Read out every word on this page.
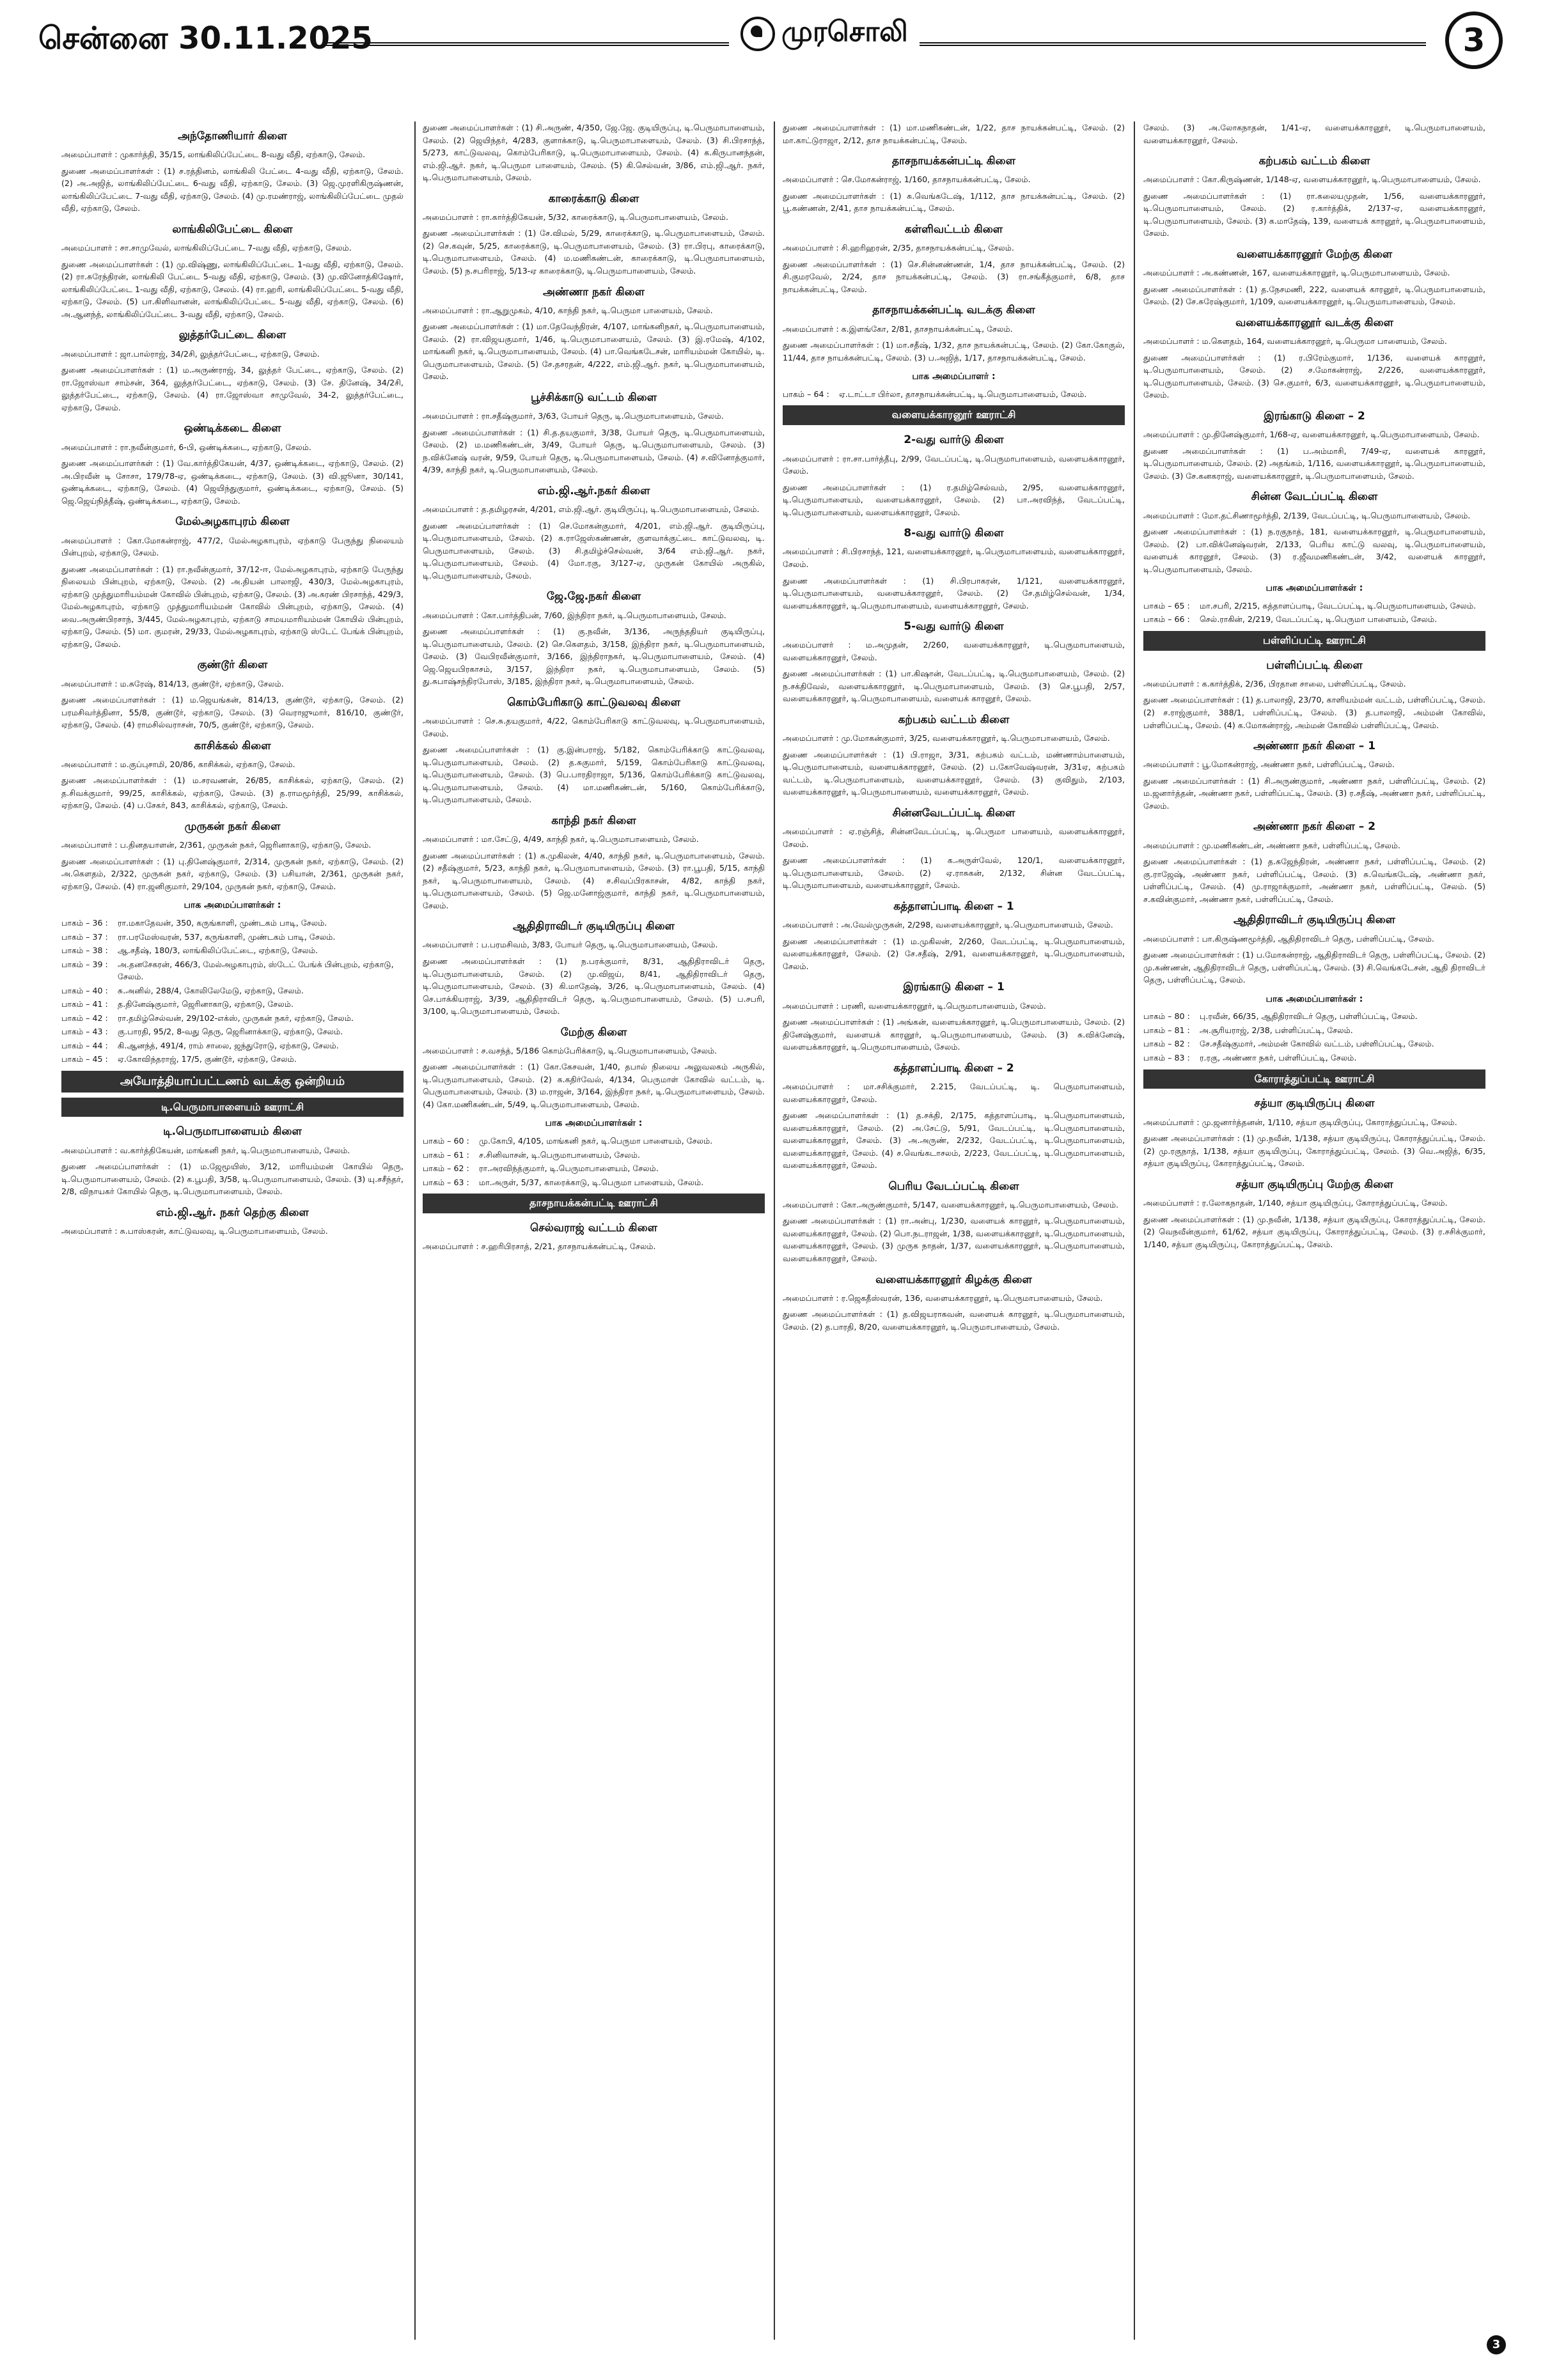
சென்னை 30.11.2025	முரசொலி	3
அந்தோணியார் கிளை

அமைப்பாளர் : முகார்த்தி, 35/15, லாங்கிலிப்பேட்டை 8-வது வீதி, ஏற்காடு, சேலம்.

துணை அமைப்பாளர்கள் : (1) ச.ரத்தினம், லாங்கிலி பேட்டை 4-வது வீதி, ஏற்காடு, சேலம். (2) அ.அஜித், லாங்கிலிப்பேட்டை 6-வது வீதி, ஏற்காடு, சேலம். (3) ஜெ.முரளிகிருஷ்ணன், லாங்கிலிப்பேட்டை 7-வது வீதி, ஏற்காடு, சேலம். (4) மு.ரமண்ராஜ், லாங்கிலிப்பேட்டை முதல் வீதி, ஏற்காடு, சேலம்.

லாங்கிலிபேட்டை கிளை

அமைப்பாளர் : சா.சாமுவேல், லாங்கிலிப்பேட்டை 7-வது வீதி, ஏற்காடு, சேலம்.

துணை அமைப்பாளர்கள் : (1) மு.விஷ்ணு, லாங்கிலிப்பேட்டை 1-வது வீதி, ஏற்காடு, சேலம். (2) ரா.சுரேந்திரன், லாங்கிலி பேட்டை 5-வது வீதி, ஏற்காடு, சேலம். (3) மு.வினோத்கிஷோர், லாங்கிலிப்பேட்டை 1-வது வீதி, ஏற்காடு, சேலம். (4) ரா.ஹரி, லாங்கிலிப்பேட்டை 5-வது வீதி, ஏற்காடு, சேலம். (5) பா.கிளிவானன், லாங்கிலிப்பேட்டை 5-வது வீதி, ஏற்காடு, சேலம். (6) அ.ஆனந்த், லாங்கிலிப்பேட்டை 3-வது வீதி, ஏற்காடு, சேலம்.

லுத்தர்பேட்டை கிளை

அமைப்பாளர் : ஜா.பால்ராஜ், 34/2சி, லுத்தர்பேட்டை, ஏற்காடு, சேலம்.

துணை அமைப்பாளர்கள் : (1) ம.அருண்ராஜ், 34, லுத்தர் பேட்டை, ஏற்காடு, சேலம். (2) ரா.ஜோஸ்வா சாம்சன், 364, லுத்தர்பேட்டை, ஏற்காடு, சேலம். (3) சே. தினேஷ், 34/2சி, லுத்தர்பேட்டை, ஏற்காடு, சேலம். (4) ரா.ஜோஸ்வா சாமுவேல், 34-2, லுத்தர்பேட்டை, ஏற்காடு, சேலம்.

ஒண்டிக்கடை கிளை

அமைப்பாளர் : ரா.நவீன்குமார், 6-பி, ஒண்டிக்கடை, ஏற்காடு, சேலம்.

துணை அமைப்பாளர்கள் : (1) வே.கார்த்திகேயன், 4/37, ஒண்டிக்கடை, ஏற்காடு, சேலம். (2) அ.பிரவீன் டி சோசா, 179/78-ஏ, ஒண்டிக்கடை, ஏற்காடு, சேலம். (3) வி.ஜூனா, 30/141, ஒண்டிக்கடை, ஏற்காடு, சேலம். (4) ஜெயிந்துகுமார், ஒண்டிக்கடை, ஏற்காடு, சேலம். (5) ஜெ.ஜெய்நித்தீஷ், ஒண்டிக்கடை, ஏற்காடு, சேலம்.

மேல்அழகாபுரம் கிளை

அமைப்பாளர் : கோ.மோகன்ராஜ், 477/2, மேல்அழகாபுரம், ஏற்காடு பேருந்து நிலையம் பின்புறம், ஏற்காடு, சேலம்.

துணை அமைப்பாளர்கள் : (1) ரா.நவீன்குமார், 37/12-ஈ, மேல்அழகாபுரம், ஏற்காடு பேருந்து நிலையம் பின்புறம், ஏற்காடு, சேலம். (2) அ.தியன் பாலாஜி, 430/3, மேல்அழகாபுரம், ஏற்காடு முத்துமாரியம்மன் கோவில் பின்புறம், ஏற்காடு, சேலம். (3) அ.சுரண் பிரசாந்த், 429/3, மேல்அழகாபுரம், ஏற்காடு முத்துமாரியம்மன் கோவில் பின்புறம், ஏற்காடு, சேலம். (4) வை.அருண்பிரசாந், 3/445, மேல்அழகாபுரம், ஏற்காடு சாமயமாரியம்மன் கோயில் பின்புறம், ஏற்காடு, சேலம். (5) மா. குமரன், 29/33, மேல்அழகாபுரம், ஏற்காடு ஸ்டேட் பேங்க் பின்புறம், ஏற்காடு, சேலம்.

குண்டூர் கிளை

அமைப்பாளர் : ம.சுரேஷ், 814/13, குண்டூர், ஏற்காடு, சேலம்.

துணை அமைப்பாளர்கள் : (1) ம.ஜெயங்கன், 814/13, குண்டூர், ஏற்காடு, சேலம். (2) பரமசிவர்த்தினா, 55/8, குண்டூர், ஏற்காடு, சேலம். (3) வெராஜுமார், 816/10, குண்டூர், ஏற்காடு, சேலம். (4) ராமசில்வராசன், 70/5, குண்டூர், ஏற்காடு, சேலம்.

காசிக்கல் கிளை

அமைப்பாளர் : ம.குப்புசாமி, 20/86, காசிக்கல், ஏற்காடு, சேலம்.

துணை அமைப்பாளர்கள் : (1) ம.சரவணன், 26/85, காசிக்கல், ஏற்காடு, சேலம். (2) த.சிவக்குமார், 99/25, காசிக்கல், ஏற்காடு, சேலம். (3) த.ராமமூர்த்தி, 25/99, காசிக்கல், ஏற்காடு, சேலம். (4) ப.சேகர், 843, காசிக்கல், ஏற்காடு, சேலம்.

முருகன் நகர் கிளை

அமைப்பாளர் : ப.தினதயாளன், 2/361, முருகன் நகர், ஜெரினாகாடு, ஏற்காடு, சேலம்.

துணை அமைப்பாளர்கள் : (1) பு.தினேஷ்குமார், 2/314, முருகன் நகர், ஏற்காடு, சேலம். (2) அ.கௌதம், 2/322, முருகன் நகர், ஏற்காடு, சேலம். (3) பசியான், 2/361, முருகன் நகர், ஏற்காடு, சேலம். (4) ரா.ஜனிகுமார், 29/104, முருகன் நகர், ஏற்காடு, சேலம்.

பாக அமைப்பாளர்கள் :
பாகம் – 36 :	ரா.மகாதேவன், 350, கருங்காளி, முண்டகம் பாடி, சேலம்.
பாகம் – 37 :	ரா.பரமேஸ்வரன், 537, கருங்காளி, முண்டகம் பாடி, சேலம்.
பாகம் – 38 :	ஆ.சதீஷ், 180/3, லாங்கிலிப்பேட்டை, ஏற்காடு, சேலம்.
பாகம் – 39 :	அ.தனசேகரன், 466/3, மேல்அழகாபுரம், ஸ்டேட் பேங்க் பின்புறம், ஏற்காடு, சேலம்.
பாகம் – 40 :	சு.அனில், 288/4, கோலிலேமேடு, ஏற்காடு, சேலம்.
பாகம் – 41 :	த.தினேஷ்குமார், ஜெரினாகாடு, ஏற்காடு, சேலம்.
பாகம் – 42 :	ரா.தமிழ்செல்வன், 29/102-எக்ஸ், முருகன் நகர், ஏற்காடு, சேலம்.
பாகம் – 43 :	கு.பாரதி, 95/2, 8-வது தெரு, ஜெரினாக்காடு, ஏற்காடு, சேலம்.
பாகம் – 44 :	கி.ஆனந்த், 491/4, ராம் சாலை, ஜந்துரோடு, ஏற்காடு, சேலம்.
பாகம் – 45 :	ஏ.கோவிந்தராஜ், 17/5, குண்டூர், ஏற்காடு, சேலம்.
அயோத்தியாப்பட்டணம் வடக்கு ஒன்றியம்
டி.பெருமாபாளையம் ஊராட்சி
டி.பெருமாபாளையம் கிளை

அமைப்பாளர் : வ.கார்த்திகேயன், மாங்கனி நகர், டி.பெருமாபாளையம், சேலம்.

துணை அமைப்பாளர்கள் : (1) ம.ஜேமூயிஸ், 3/12, மாரியம்மன் கோயில் தெரு, டி.பெருமாபாளையம், சேலம். (2) க.பூபதி, 3/58, டி.பெருமாபாளையம், சேலம். (3) யு.சசீந்தர், 2/8, விநாயகர் கோயில் தெரு, டி.பெருமாபாளையம், சேலம்.

எம்.ஜி.ஆர். நகர் தெற்கு கிளை

அமைப்பாளர் : சு.பாஸ்கரன், காட்டுவலவு, டி.பெருமாபாளையம், சேலம்.

துணை அமைப்பாளர்கள் : (1) சி.அருண், 4/350, ஜே.ஜே. குடியிருப்பு, டி.பெருமாபாளையம், சேலம். (2) ஜெயிந்தர், 4/283, குளாக்காடு, டி.பெருமாபாளையம், சேலம். (3) சி.பிரசாந்த், 5/273, காட்டுவலவு, கொம்பேரிகாடு, டி.பெருமாபாளையம், சேலம். (4) க.கிருபானந்தன், எம்.ஜி.ஆர். நகர், டி.பெருமா பாளையம், சேலம். (5) கி.செல்வன், 3/86, எம்.ஜி.ஆர். நகர், டி.பெருமாபாளையம், சேலம்.

காரைக்காடு கிளை

அமைப்பாளர் : ரா.கார்த்திகேயன், 5/32, காரைக்காடு, டி.பெருமாபாளையம், சேலம்.

துணை அமைப்பாளர்கள் : (1) சே.விமல், 5/29, காரைக்காடு, டி.பெருமாபாளையம், சேலம். (2) செ.கவுன், 5/25, காரைக்காடு, டி.பெருமாபாளையம், சேலம். (3) ரா.பிரபு, காரைக்காடு, டி.பெருமாபாளையம், சேலம். (4) ம.மணிகண்டன், காரைக்காடு, டி.பெருமாபாளையம், சேலம். (5) ந.சபரிராஜ், 5/13-ஏ காரைக்காடு, டி.பெருமாபாளையம், சேலம்.

அண்ணா நகர் கிளை

அமைப்பாளர் : ரா.ஆறுமுகம், 4/10, காந்தி நகர், டி.பெருமா பாளையம், சேலம்.

துணை அமைப்பாளர்கள் : (1) மா.தேவேந்திரன், 4/107, மாங்கனிநகர், டி.பெருமாபாளையம், சேலம். (2) ரா.விஜயகுமார், 1/46, டி.பெருமாபாளையம், சேலம். (3) இ.ரமேஷ், 4/102, மாங்கனி நகர், டி.பெருமாபாளையம், சேலம். (4) பா.வெங்கடேசன், மாரியம்மன் கோயில், டி. பெருமாபாளையம், சேலம். (5) சே.தசரதன், 4/222, எம்.ஜி.ஆர். நகர், டி.பெருமாபாளையம், சேலம்.

பூச்சிக்காடு வட்டம் கிளை

அமைப்பாளர் : ரா.சதீஷ்குமார், 3/63, போயர் தெரு, டி.பெருமாபாளையம், சேலம்.

துணை அமைப்பாளர்கள் : (1) சி.த.தயகுமார், 3/38, போயர் தெரு, டி.பெருமாபாளையம், சேலம். (2) ம.மணிகண்டன், 3/49, போயர் தெரு, டி.பெருமாபாளையம், சேலம். (3) ந.விக்னேஷ் வரன், 9/59, போயர் தெரு, டி.பெருமாபாளையம், சேலம். (4) ச.வினோத்குமார், 4/39, காந்தி நகர், டி.பெருமாபாளையம், சேலம்.

எம்.ஜி.ஆர்.நகர் கிளை

அமைப்பாளர் : த.தமிழரசன், 4/201, எம்.ஜி.ஆர். குடியிருப்பு, டி.பெருமாபாளையம், சேலம்.

துணை அமைப்பாளர்கள் : (1) செ.மோகன்குமார், 4/201, எம்.ஜி.ஆர். குடியிருப்பு, டி.பெருமாபாளையம், சேலம். (2) க.ராஜேஸ்கண்ணன், குளவாக்குட்டை காட்டுவலவு, டி. பெருமாபாளையம், சேலம். (3) சி.தமிழ்ச்செல்வன், 3/64 எம்.ஜி.ஆர். நகர், டி.பெருமாபாளையம், சேலம். (4) மோ.ரகு, 3/127-ஏ, முருகன் கோயில் அருகில், டி.பெருமாபாளையம், சேலம்.

ஜே.ஜே.நகர் கிளை

அமைப்பாளர் : கோ.பார்த்திபன், 7/60, இந்திரா நகர், டி.பெருமாபாளையம், சேலம்.

துணை அமைப்பாளர்கள் : (1) கு.நவீன், 3/136, அருந்ததியர் குடியிருப்பு, டி.பெருமாபாளையம், சேலம். (2) செ.கௌதம், 3/158, இந்திரா நகர், டி.பெருமாபாளையம், சேலம். (3) வேபிரவீன்குமார், 3/166, இந்திராநகர், டி.பெருமாபாளையம், சேலம். (4) ஜெ.ஜெயபிரகாசம், 3/157, இந்திரா நகர், டி.பெருமாபாளையம், சேலம். (5) து.சுபாஷ்சந்திரபோஸ், 3/185, இந்திரா நகர், டி.பெருமாபாளையம், சேலம்.

கொம்பேரிகாடு காட்டுவலவு கிளை

அமைப்பாளர் : செ.சு.தயகுமார், 4/22, கொம்பேரிகாடு காட்டுவலவு, டி.பெருமாபாளையம், சேலம்.

துணை அமைப்பாளர்கள் : (1) கு.இன்பராஜ், 5/182, கொம்பேரிக்காடு காட்டுவலவு, டி.பெருமாபாளையம், சேலம். (2) த.சுகுமார், 5/159, கொம்பேரிகாடு காட்டுவலவு, டி.பெருமாபாளையம், சேலம். (3) பெ.பாரதிராஜா, 5/136, கொம்பேரிக்காடு காட்டுவலவு, டி.பெருமாபாளையம், சேலம். (4) மா.மணிகண்டன், 5/160, கொம்பேரிக்காடு, டி.பெருமாபாளையம், சேலம்.

காந்தி நகர் கிளை

அமைப்பாளர் : மா.சேட்டு, 4/49, காந்தி நகர், டி.பெருமாபாளையம், சேலம்.

துணை அமைப்பாளர்கள் : (1) க.முகிலன், 4/40, காந்தி நகர், டி.பெருமாபாளையம், சேலம். (2) சதீஷ்குமார், 5/23, காந்தி நகர், டி.பெருமாபாளையம், சேலம். (3) ரா.பூபதி, 5/15, காந்தி நகர், டி.பெருமாபாளையம், சேலம். (4) ச.சிவப்பிரகாசன், 4/82, காந்தி நகர், டி.பெருமாபாளையம், சேலம். (5) ஜெ.மனோஜ்குமார், காந்தி நகர், டி.பெருமாபாளையம், சேலம்.

ஆதிதிராவிடர் குடியிருப்பு கிளை

அமைப்பாளர் : ப.பரமசிவம், 3/83, போயர் தெரு, டி.பெருமாபாளையம், சேலம்.

துணை அமைப்பாளர்கள் : (1) ந.பரக்குமார், 8/31, ஆதிதிராவிடர் தெரு, டி.பெருமாபாளையம், சேலம். (2) மு.விஜய், 8/41, ஆதிதிராவிடர் தெரு, டி.பெருமாபாளையம், சேலம். (3) கி.மாதேஷ், 3/26, டி.பெருமாபாளையம், சேலம். (4) செ.பாக்கியராஜ், 3/39, ஆதிதிராவிடர் தெரு, டி.பெருமாபாளையம், சேலம். (5) ப.சபரி, 3/100, டி.பெருமாபாளையம், சேலம்.

மேற்கு கிளை

அமைப்பாளர் : ச.வசந்த், 5/186 கொம்பேரிக்காடு, டி.பெருமாபாளையம், சேலம்.

துணை அமைப்பாளர்கள் : (1) கோ.கேசவன், 1/40, தபால் நிலைய அலுவலகம் அருகில், டி.பெருமாபாளையம், சேலம். (2) க.கதிர்வேல், 4/134, பெருமாள் கோவில் வட்டம், டி. பெருமாபாளையம், சேலம். (3) ம.ராஜன், 3/164, இந்திரா நகர், டி.பெருமாபாளையம், சேலம். (4) கோ.மணிகண்டன், 5/49, டி.பெருமாபாளையம், சேலம்.

பாக அமைப்பாளர்கள் :
பாகம் – 60 :	மு.கோபி, 4/105, மாங்கனி நகர், டி.பெருமா பாளையம், சேலம்.
பாகம் – 61 :	ச.சினிவாசன், டி.பெருமாபாளையம், சேலம்.
பாகம் – 62 :	ரா.அரவிந்த்குமார், டி.பெருமாபாளையம், சேலம்.
பாகம் – 63 :	மா.அருள், 5/37, காரைக்காடு, டி.பெருமா பாளையம், சேலம்.
தாசநாயக்கன்பட்டி ஊராட்சி
செல்வராஜ் வட்டம் கிளை

அமைப்பாளர் : ச.ஹரிபிரசாத், 2/21, தாசநாயக்கன்பட்டி, சேலம்.

துணை அமைப்பாளர்கள் : (1) மா.மணிகண்டன், 1/22, தாச நாயக்கன்பட்டி, சேலம். (2) மா.காட்டுராஜா, 2/12, தாச நாயக்கன்பட்டி, சேலம்.

தாசநாயக்கன்பட்டி கிளை

அமைப்பாளர் : செ.மோகன்ராஜ், 1/160, தாசநாயக்கன்பட்டி, சேலம்.

துணை அமைப்பாளர்கள் : (1) சு.வெங்கடேஷ், 1/112, தாச நாயக்கன்பட்டி, சேலம். (2) பூ.கண்ணன், 2/41, தாச நாயக்கன்பட்டி, சேலம்.

கள்ளிவட்டம் கிளை

அமைப்பாளர் : சி.ஹரிஹரன், 2/35, தாசநாயக்கன்பட்டி, சேலம்.

துணை அமைப்பாளர்கள் : (1) செ.சின்னண்ணன், 1/4, தாச நாயக்கன்பட்டி, சேலம். (2) சி.குமரவேல், 2/24, தாச நாயக்கன்பட்டி, சேலம். (3) ரா.சங்கீத்குமார், 6/8, தாச நாயக்கன்பட்டி, சேலம்.

தாசநாயக்கன்பட்டி வடக்கு கிளை

அமைப்பாளர் : க.இளங்கோ, 2/81, தாசநாயக்கன்பட்டி, சேலம்.

துணை அமைப்பாளர்கள் : (1) மா.சதீஷ், 1/32, தாச நாயக்கன்பட்டி, சேலம். (2) கோ.கோகுல், 11/44, தாச நாயக்கன்பட்டி, சேலம். (3) ப.அஜித், 1/17, தாசநாயக்கன்பட்டி, சேலம்.

பாக அமைப்பாளர் :
பாகம் – 64 :	ஏ.டாட்டா பிர்லா, தாசநாயக்கன்பட்டி, டி.பெருமாபாளையம், சேலம்.
வளையக்காரனூர் ஊராட்சி
2-வது வார்டு கிளை

அமைப்பாளர் : ரா.சா.பார்த்தீபு, 2/99, வேடப்பட்டி, டி.பெருமாபாளையம், வளையக்காரனூர், சேலம்.

துணை அமைப்பாளர்கள் : (1) ர.தமிழ்செல்வம், 2/95, வளையக்காரனூர், டி.பெருமாபாளையம், வளையக்காரனூர், சேலம். (2) பா.அரவிந்த், வேடப்பட்டி, டி.பெருமாபாளையம், வளையக்காரனூர், சேலம்.

8-வது வார்டு கிளை

அமைப்பாளர் : சி.பிரசாந்த், 121, வளையக்காரனூர், டி.பெருமாபாளையம், வளையக்காரனூர், சேலம்.

துணை அமைப்பாளர்கள் : (1) சி.பிரபாகரன், 1/121, வளையக்காரனூர், டி.பெருமாபாளையம், வளையக்காரனூர், சேலம். (2) சே.தமிழ்செல்வன், 1/34, வளையக்காரனூர், டி.பெருமாபாளையம், வளையக்காரனூர், சேலம்.

5-வது வார்டு கிளை

அமைப்பாளர் : ம.அமுதன், 2/260, வளையக்காரனூர், டி.பெருமாபாளையம், வளையக்காரனூர், சேலம்.

துணை அமைப்பாளர்கள் : (1) பா.கிஷான், வேடப்பட்டி, டி.பெருமாபாளையம், சேலம். (2) ந.சக்திவேல், வளையக்காரனூர், டி.பெருமாபாளையம், சேலம். (3) செ.பூபதி, 2/57, வளையக்காரனூர், டி.பெருமாபாளையம், வளையக் காரனூர், சேலம்.

கற்பகம் வட்டம் கிளை

அமைப்பாளர் : மு.மோகன்குமார், 3/25, வளையக்காரனூர், டி.பெருமாபாளையம், சேலம்.

துணை அமைப்பாளர்கள் : (1) பி.ராஜா, 3/31, கற்பகம் வட்டம், மண்ணாம்பாளையம், டி.பெருமாபாளையம், வளையக்காரனூர், சேலம். (2) ப.கோவேஷ்வரன், 3/31ஏ, கற்பகம் வட்டம், டி.பெருமாபாளையம், வளையக்காரனூர், சேலம். (3) குவிதும், 2/103, வளையக்காரனூர், டி.பெருமாபாளையம், வளையக்காரனூர், சேலம்.

சின்னவேடப்பட்டி கிளை

அமைப்பாளர் : ஏ.ரஞ்சித், சின்னவேடப்பட்டி, டி.பெருமா பாளையம், வளையக்காரனூர், சேலம்.

துணை அமைப்பாளர்கள் : (1) க.அருள்வேல், 120/1, வளையக்காரனூர், டி.பெருமாபாளையம், சேலம். (2) ஏ.ராசுகன், 2/132, சின்ன வேடப்பட்டி, டி.பெருமாபாளையம், வளையக்காரனூர், சேலம்.

கத்தாளப்பாடி கிளை – 1

அமைப்பாளர் : அ.வேல்முருகன், 2/298, வளையக்காரனூர், டி.பெருமாபாளையம், சேலம்.

துணை அமைப்பாளர்கள் : (1) ம.முகிலன், 2/260, வேடப்பட்டி, டி.பெருமாபாளையம், வளையக்காரனூர், சேலம். (2) சே.சதீஷ், 2/91, வளையக்காரனூர், டி.பெருமாபாளையம், சேலம்.

இரங்காடு கிளை – 1

அமைப்பாளர் : பரணி, வளையக்காரனூர், டி.பெருமாபாளையம், சேலம்.

துணை அமைப்பாளர்கள் : (1) அங்கன், வளையக்காரனூர், டி.பெருமாபாளையம், சேலம். (2) தினேஷ்குமார், வளையக் காரனூர், டி.பெருமாபாளையம், சேலம். (3) சு.விக்னேஷ், வளையக்காரனூர், டி.பெருமாபாளையம், சேலம்.

கத்தாளப்பாடி கிளை – 2

அமைப்பாளர் : மா.சசிக்குமார், 2.215, வேடப்பட்டி, டி. பெருமாபாளையம், வளையக்காரனூர், சேலம்.

துணை அமைப்பாளர்கள் : (1) த.சக்தி, 2/175, கத்தாளப்பாடி, டி.பெருமாபாளையம், வளையக்காரனூர், சேலம். (2) அ.சேட்டு, 5/91, வேடப்பட்டி, டி.பெருமாபாளையம், வளையக்காரனூர், சேலம். (3) அ.அருண், 2/232, வேடப்பட்டி, டி.பெருமாபாளையம், வளையக்காரனூர், சேலம். (4) ச.வெங்கடாசலம், 2/223, வேடப்பட்டி, டி.பெருமாபாளையம், வளையக்காரனூர், சேலம்.

பெரிய வேடப்பட்டி கிளை

அமைப்பாளர் : கோ.அருண்குமார், 5/147, வளையக்காரனூர், டி.பெருமாபாளையம், சேலம்.

துணை அமைப்பாளர்கள் : (1) ரா.அன்பு, 1/230, வளையக் காரனூர், டி.பெருமாபாளையம், வளையக்காரனூர், சேலம். (2) பொ.நடராஜன், 1/38, வளையக்காரனூர், டி.பெருமாபாளையம், வளையக்காரனூர், சேலம். (3) முருக நாதன், 1/37, வளையக்காரனூர், டி.பெருமாபாளையம், வளையக்காரனூர், சேலம்.

வளையக்காரனூர் கிழக்கு கிளை

அமைப்பாளர் : ர.ஜெகதீஸ்வரன், 136, வளையக்காரனூர், டி.பெருமாபாளையம், சேலம்.

துணை அமைப்பாளர்கள் : (1) த.விஜயராகவன், வளையக் காரனூர், டி.பெருமாபாளையம், சேலம். (2) த.பாரதி, 8/20, வளையக்காரனூர், டி.பெருமாபாளையம், சேலம்.

சேலம். (3) அ.லோகநாதன், 1/41-ஏ, வளையக்காரனூர், டி.பெருமாபாளையம், வளையக்காரனூர், சேலம்.

கற்பகம் வட்டம் கிளை

அமைப்பாளர் : கோ.கிருஷ்ணன், 1/148-ஏ, வளையக்காரனூர், டி.பெருமாபாளையம், சேலம்.

துணை அமைப்பாளர்கள் : (1) ரா.கலையமுதன், 1/56, வளையக்காரனூர், டி.பெருமாபாளையம், சேலம். (2) ர.கார்த்திக், 2/137-ஏ, வளையக்காரனூர், டி.பெருமாபாளையம், சேலம். (3) க.மாதேஷ், 139, வளையக் காரனூர், டி.பெருமாபாளையம், சேலம்.

வளையக்காரனூர் மேற்கு கிளை

அமைப்பாளர் : அ.கண்ணன், 167, வளையக்காரனூர், டி.பெருமாபாளையம், சேலம்.

துணை அமைப்பாளர்கள் : (1) த.நேசமணி, 222, வளையக் காரனூர், டி.பெருமாபாளையம், சேலம். (2) சே.சுரேஷ்குமார், 1/109, வளையக்காரனூர், டி.பெருமாபாளையம், சேலம்.

வளையக்காரனூர் வடக்கு கிளை

அமைப்பாளர் : ம.கௌதம், 164, வளையக்காரனூர், டி.பெருமா பாளையம், சேலம்.

துணை அமைப்பாளர்கள் : (1) ர.பிரேம்குமார், 1/136, வளையக் காரனூர், டி.பெருமாபாளையம், சேலம். (2) ச.மோகன்ராஜ், 2/226, வளையக்காரனூர், டி.பெருமாபாளையம், சேலம். (3) செ.குமார், 6/3, வளையக்காரனூர், டி.பெருமாபாளையம், சேலம்.

இரங்காடு கிளை – 2

அமைப்பாளர் : மு.தினேஷ்குமார், 1/68-ஏ, வளையக்காரனூர், டி.பெருமாபாளையம், சேலம்.

துணை அமைப்பாளர்கள் : (1) ப.அம்மாசி, 7/49-ஏ, வளையக் காரனூர், டி.பெருமாபாளையம், சேலம். (2) அதங்கம், 1/116, வளையக்காரனூர், டி.பெருமாபாளையம், சேலம். (3) சே.கனகராஜ், வளையக்காரனூர், டி.பெருமாபாளையம், சேலம்.

சின்ன வேடப்பட்டி கிளை

அமைப்பாளர் : மோ.தட்சிணாமூர்த்தி, 2/139, வேடப்பட்டி, டி.பெருமாபாளையம், சேலம்.

துணை அமைப்பாளர்கள் : (1) ந.ரகுநாத், 181, வளையக்காரனூர், டி.பெருமாபாளையம், சேலம். (2) பா.விக்னேஷ்வரன், 2/133, பெரிய காட்டு வலவு, டி.பெருமாபாளையம், வளையக் காரனூர், சேலம். (3) ர.ஜீவமணிகண்டன், 3/42, வளையக் காரனூர், டி.பெருமாபாளையம், சேலம்.

பாக அமைப்பாளர்கள் :
பாகம் – 65 :	மா.சபரி, 2/215, கத்தாளப்பாடி, வேடப்பட்டி, டி.பெருமாபாளையம், சேலம்.
பாகம் – 66 :	செல்.ராகின், 2/219, வேடப்பட்டி, டி.பெருமா பாளையம், சேலம்.
பள்ளிப்பட்டி ஊராட்சி
பள்ளிப்பட்டி கிளை

அமைப்பாளர் : க.கார்த்திக், 2/36, பிரதான சாலை, பள்ளிப்பட்டி, சேலம்.

துணை அமைப்பாளர்கள் : (1) த.பாலாஜி, 23/70, காளியம்மன் வட்டம், பள்ளிப்பட்டி, சேலம். (2) ச.ராஜ்குமார், 388/1, பள்ளிப்பட்டி, சேலம். (3) த.பாலாஜி, அம்மன் கோவில், பள்ளிப்பட்டி, சேலம். (4) க.மோகன்ராஜ், அம்மன் கோவில் பள்ளிப்பட்டி, சேலம்.

அண்ணா நகர் கிளை – 1

அமைப்பாளர் : பூ.மோகன்ராஜ், அண்ணா நகர், பள்ளிப்பட்டி, சேலம்.

துணை அமைப்பாளர்கள் : (1) சி.அருண்குமார், அண்ணா நகர், பள்ளிப்பட்டி, சேலம். (2) ம.ஜனார்த்தன், அண்ணா நகர், பள்ளிப்பட்டி, சேலம். (3) ர.சதீஷ், அண்ணா நகர், பள்ளிப்பட்டி, சேலம்.

அண்ணா நகர் கிளை – 2

அமைப்பாளர் : மு.மணிகண்டன், அண்ணா நகர், பள்ளிப்பட்டி, சேலம்.

துணை அமைப்பாளர்கள் : (1) த.சுஜேந்திரன், அண்ணா நகர், பள்ளிப்பட்டி, சேலம். (2) கு.ராஜேஷ், அண்ணா நகர், பள்ளிப்பட்டி, சேலம். (3) சு.வெங்கடேஷ், அண்ணா நகர், பள்ளிப்பட்டி, சேலம். (4) மு.ராஜாக்குமார், அண்ணா நகர், பள்ளிப்பட்டி, சேலம். (5) ச.கவின்குமார், அண்ணா நகர், பள்ளிப்பட்டி, சேலம்.

ஆதிதிராவிடர் குடியிருப்பு கிளை

அமைப்பாளர் : பா.கிருஷ்ணமூர்த்தி, ஆதிதிராவிடர் தெரு, பள்ளிப்பட்டி, சேலம்.

துணை அமைப்பாளர்கள் : (1) ப.மோகன்ராஜ், ஆதிதிராவிடர் தெரு, பள்ளிப்பட்டி, சேலம். (2) மு.கண்ணன், ஆதிதிராவிடர் தெரு, பள்ளிப்பட்டி, சேலம். (3) சி.வெங்கடேசன், ஆதி திராவிடர் தெரு, பள்ளிப்பட்டி, சேலம்.

பாக அமைப்பாளர்கள் :
பாகம் – 80 :	பு.ரவீன், 66/35, ஆதிதிராவிடர் தெரு, பள்ளிப்பட்டி, சேலம்.
பாகம் – 81 :	அ.சூரியராஜ், 2/38, பள்ளிப்பட்டி, சேலம்.
பாகம் – 82 :	சே.சதீஷ்குமார், அம்மன் கோவில் வட்டம், பள்ளிப்பட்டி, சேலம்.
பாகம் – 83 :	ர.ரகு, அண்ணா நகர், பள்ளிப்பட்டி, சேலம்.
கோராத்துப்பட்டி ஊராட்சி
சத்யா குடியிருப்பு கிளை

அமைப்பாளர் : மு.ஜனார்த்தனன், 1/110, சத்யா குடியிருப்பு, கோராத்துப்பட்டி, சேலம்.

துணை அமைப்பாளர்கள் : (1) மு.நவீன், 1/138, சத்யா குடியிருப்பு, கோராத்துப்பட்டி, சேலம். (2) மு.ரகுநாத், 1/138, சத்யா குடியிருப்பு, கோராத்துப்பட்டி, சேலம். (3) வெ.அஜித், 6/35, சத்யா குடியிருப்பு, கோராத்துப்பட்டி, சேலம்.

சத்யா குடியிருப்பு மேற்கு கிளை

அமைப்பாளர் : ர.லோகநாதன், 1/140, சத்யா குடியிருப்பு, கோராத்துப்பட்டி, சேலம்.

துணை அமைப்பாளர்கள் : (1) மு.நவீன், 1/138, சத்யா குடியிருப்பு, கோராத்துப்பட்டி, சேலம். (2) வெநவீன்குமார், 61/62, சத்யா குடியிருப்பு, கோராத்துப்பட்டி, சேலம். (3) ர.சசிக்குமார், 1/140, சத்யா குடியிருப்பு, கோராத்துப்பட்டி, சேலம்.

3
